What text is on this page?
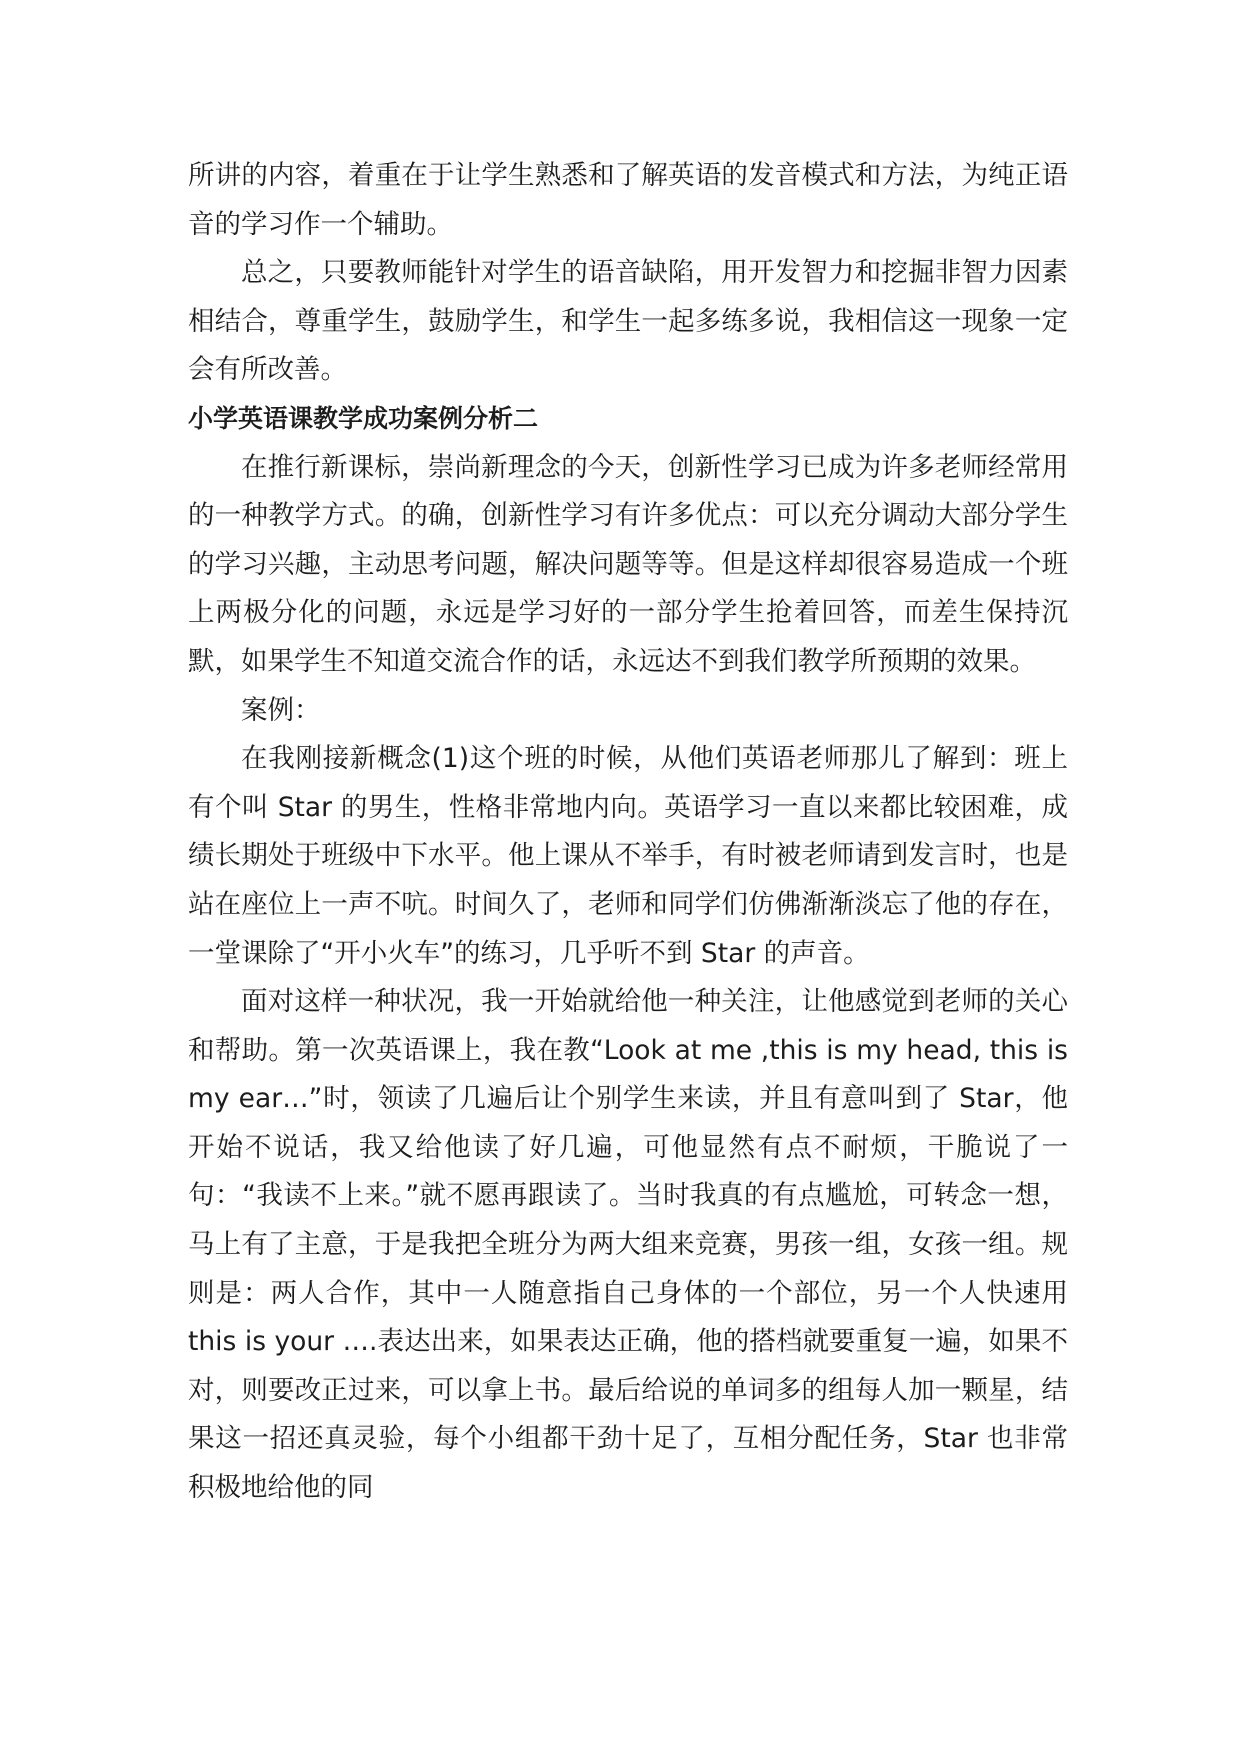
所讲的内容，着重在于让学生熟悉和了解英语的发音模式和方法，为纯正语音的学习作一个辅助。

总之，只要教师能针对学生的语音缺陷，用开发智力和挖掘非智力因素相结合，尊重学生，鼓励学生，和学生一起多练多说，我相信这一现象一定会有所改善。

小学英语课教学成功案例分析二

在推行新课标，崇尚新理念的今天，创新性学习已成为许多老师经常用的一种教学方式。的确，创新性学习有许多优点：可以充分调动大部分学生的学习兴趣，主动思考问题，解决问题等等。但是这样却很容易造成一个班上两极分化的问题，永远是学习好的一部分学生抢着回答，而差生保持沉默，如果学生不知道交流合作的话，永远达不到我们教学所预期的效果。

案例：

在我刚接新概念(1)这个班的时候，从他们英语老师那儿了解到：班上有个叫 Star 的男生，性格非常地内向。英语学习一直以来都比较困难，成绩长期处于班级中下水平。他上课从不举手，有时被老师请到发言时，也是站在座位上一声不吭。时间久了，老师和同学们仿佛渐渐淡忘了他的存在，一堂课除了“开小火车”的练习，几乎听不到 Star 的声音。

面对这样一种状况，我一开始就给他一种关注，让他感觉到老师的关心和帮助。第一次英语课上，我在教“Look at me ,this is my head, this is my ear…”时，领读了几遍后让个别学生来读，并且有意叫到了 Star，他开始不说话，我又给他读了好几遍，可他显然有点不耐烦，干脆说了一句：“我读不上来。”就不愿再跟读了。当时我真的有点尴尬，可转念一想，马上有了主意，于是我把全班分为两大组来竞赛，男孩一组，女孩一组。规则是：两人合作，其中一人随意指自己身体的一个部位，另一个人快速用 this is your ….表达出来，如果表达正确，他的搭档就要重复一遍，如果不对，则要改正过来，可以拿上书。最后给说的单词多的组每人加一颗星，结果这一招还真灵验，每个小组都干劲十足了，互相分配任务，Star 也非常积极地给他的同
